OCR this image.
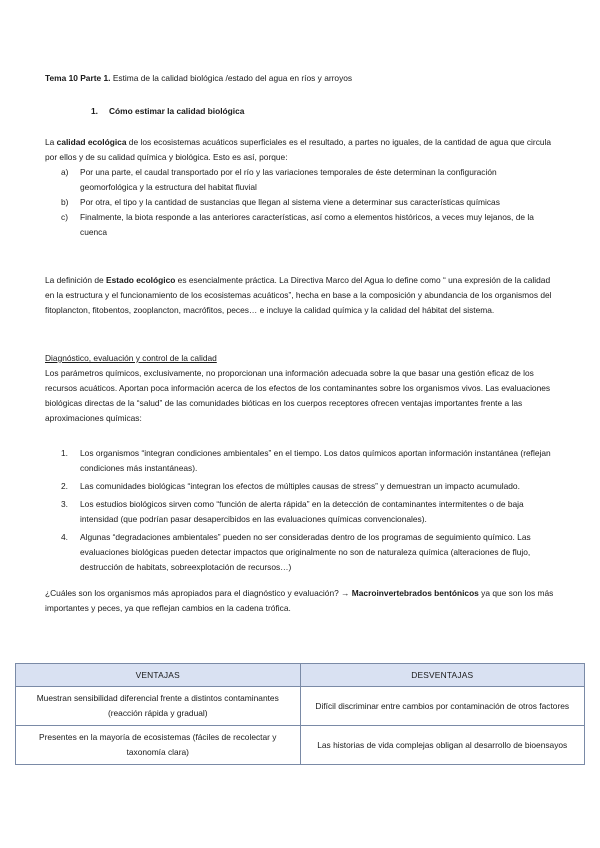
Tema 10 Parte 1. Estima de la calidad biológica /estado del agua en ríos y arroyos

1. Cómo estimar la calidad biológica

La calidad ecológica de los ecosistemas acuáticos superficiales es el resultado, a partes no iguales, de la cantidad de agua que circula por ellos y de su calidad química y biológica. Esto es así, porque:

a) Por una parte, el caudal transportado por el río y las variaciones temporales de éste determinan la configuración geomorfológica y la estructura del habitat fluvial
b) Por otra, el tipo y la cantidad de sustancias que llegan al sistema viene a determinar sus características químicas
c) Finalmente, la biota responde a las anteriores características, así como a elementos históricos, a veces muy lejanos, de la cuenca

La definición de Estado ecológico es esencialmente práctica. La Directiva Marco del Agua lo define como “ una expresión de la calidad en la estructura y el funcionamiento de los ecosistemas acuáticos”, hecha en base a la composición y abundancia de los organismos del fitoplancton, fitobentos, zooplancton, macrófitos, peces… e incluye la calidad química y la calidad del hábitat del sistema.

Diagnóstico, evaluación y control de la calidad

Los parámetros químicos, exclusivamente, no proporcionan una información adecuada sobre la que basar una gestión eficaz de los recursos acuáticos. Aportan poca información acerca de los efectos de los contaminantes sobre los organismos vivos. Las evaluaciones biológicas directas de la “salud” de las comunidades bióticas en los cuerpos receptores ofrecen ventajas importantes frente a las aproximaciones químicas:

1. Los organismos “integran condiciones ambientales” en el tiempo. Los datos químicos aportan información instantánea (reflejan condiciones más instantáneas).
2. Las comunidades biológicas “integran los efectos de múltiples causas de stress” y demuestran un impacto acumulado.
3. Los estudios biológicos sirven como “función de alerta rápida” en la detección de contaminantes intermitentes o de baja intensidad (que podrían pasar desapercibidos en las evaluaciones químicas convencionales).
4. Algunas “degradaciones ambientales” pueden no ser consideradas dentro de los programas de seguimiento químico. Las evaluaciones biológicas pueden detectar impactos que originalmente no son de naturaleza química (alteraciones de flujo, destrucción de habitats, sobreexplotación de recursos…)

¿Cuáles son los organismos más apropiados para el diagnóstico y evaluación? → Macroinvertebrados bentónicos ya que son los más importantes y peces, ya que reflejan cambios en la cadena trófica.

VENTAJAS	DESVENTAJAS
Muestran sensibilidad diferencial frente a distintos contaminantes (reacción rápida y gradual)	Difícil discriminar entre cambios por contaminación de otros factores
Presentes en la mayoría de ecosistemas (fáciles de recolectar y taxonomía clara)	Las historias de vida complejas obligan al desarrollo de bioensayos
